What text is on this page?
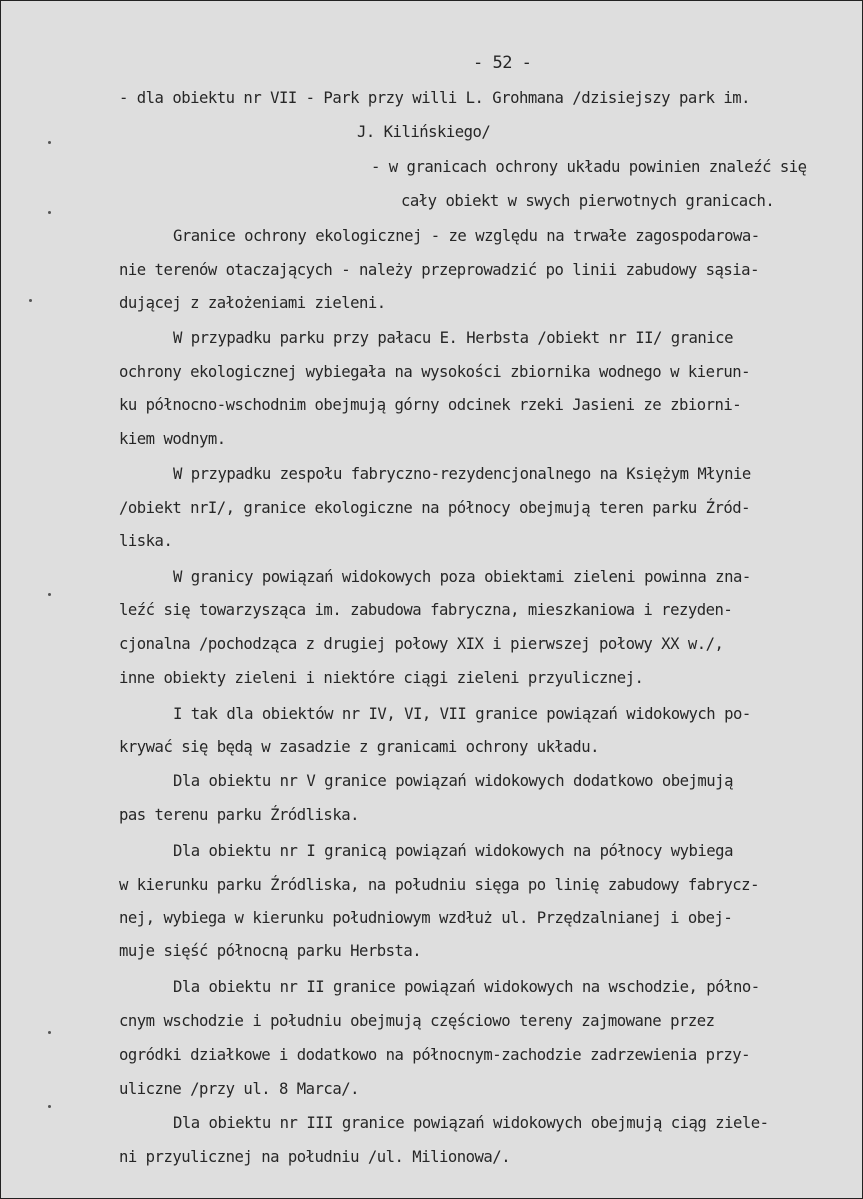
- 52 -
- dla obiektu nr VII - Park przy willi L. Grohmana /dzisiejszy park im.
J. Kilińskiego/
- w granicach ochrony układu powinien znaleźć się
cały obiekt w swych pierwotnych granicach.
Granice ochrony ekologicznej - ze względu na trwałe zagospodarowa-
nie terenów otaczających - należy przeprowadzić po linii zabudowy sąsia-
dującej z założeniami zieleni.
W przypadku parku przy pałacu E. Herbsta /obiekt nr II/ granice
ochrony ekologicznej wybiegała na wysokości zbiornika wodnego w kierun-
ku północno-wschodnim obejmują górny odcinek rzeki Jasieni ze zbiorni-
kiem wodnym.
W przypadku zespołu fabryczno-rezydencjonalnego na Księżym Młynie
/obiekt nrI/, granice ekologiczne na północy obejmują teren parku Źród-
liska.
W granicy powiązań widokowych poza obiektami zieleni powinna zna-
leźć się towarzysząca im. zabudowa fabryczna, mieszkaniowa i rezyden-
cjonalna /pochodząca z drugiej połowy XIX i pierwszej połowy XX w./,
inne obiekty zieleni i niektóre ciągi zieleni przyulicznej.
I tak dla obiektów nr IV, VI, VII granice powiązań widokowych po-
krywać się będą w zasadzie z granicami ochrony układu.
Dla obiektu nr V granice powiązań widokowych dodatkowo obejmują
pas terenu parku Źródliska.
Dla obiektu nr I granicą powiązań widokowych na północy wybiega
w kierunku parku Źródliska, na południu sięga po linię zabudowy fabrycz-
nej, wybiega w kierunku południowym wzdłuż ul. Przędzalnianej i obej-
muje sięść północną parku Herbsta.
Dla obiektu nr II granice powiązań widokowych na wschodzie, półno-
cnym wschodzie i południu obejmują częściowo tereny zajmowane przez
ogródki działkowe i dodatkowo na północnym-zachodzie zadrzewienia przy-
uliczne /przy ul. 8 Marca/.
Dla obiektu nr III granice powiązań widokowych obejmują ciąg ziele-
ni przyulicznej na południu /ul. Milionowa/.
